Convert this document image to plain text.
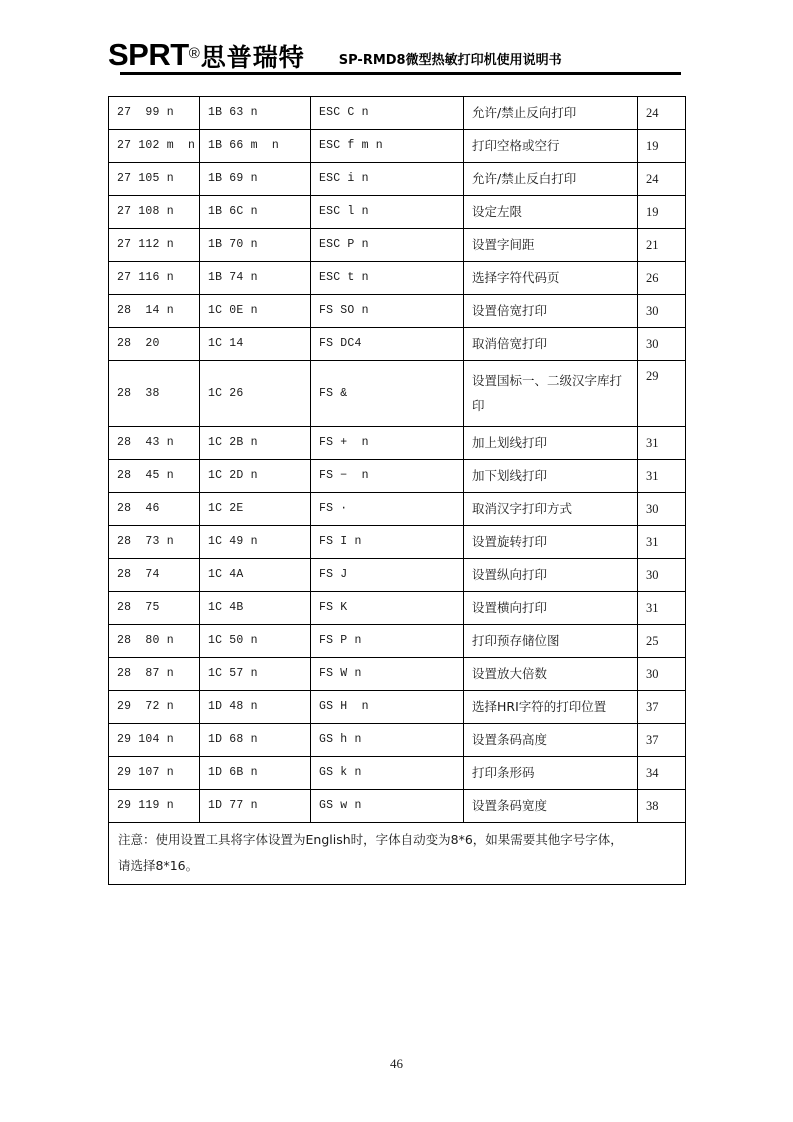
SPRT ® 思普瑞特	SP-RMD8微型热敏打印机使用说明书
27  99 n	1B 63 n	ESC C n	允许/禁止反向打印	24
27 102 m  n	1B 66 m  n	ESC f m n	打印空格或空行	19
27 105 n	1B 69 n	ESC i n	允许/禁止反白打印	24
27 108 n	1B 6C n	ESC l n	设定左限	19
27 112 n	1B 70 n	ESC P n	设置字间距	21
27 116 n	1B 74 n	ESC t n	选择字符代码页	26
28  14 n	1C 0E n	FS SO n	设置倍宽打印	30
28  20	1C 14	FS DC4	取消倍宽打印	30
28  38	1C 26	FS &	设置国标一、二级汉字库打印	29
28  43 n	1C 2B n	FS +  n	加上划线打印	31
28  45 n	1C 2D n	FS −  n	加下划线打印	31
28  46	1C 2E	FS ·	取消汉字打印方式	30
28  73 n	1C 49 n	FS I n	设置旋转打印	31
28  74	1C 4A	FS J	设置纵向打印	30
28  75	1C 4B	FS K	设置横向打印	31
28  80 n	1C 50 n	FS P n	打印预存储位图	25
28  87 n	1C 57 n	FS W n	设置放大倍数	30
29  72 n	1D 48 n	GS H  n	选择HRI字符的打印位置	37
29 104 n	1D 68 n	GS h n	设置条码高度	37
29 107 n	1D 6B n	GS k n	打印条形码	34
29 119 n	1D 77 n	GS w n	设置条码宽度	38

注意：使用设置工具将字体设置为English时，字体自动变为8*6，如果需要其他字号字体，
请选择8*16。				
46
